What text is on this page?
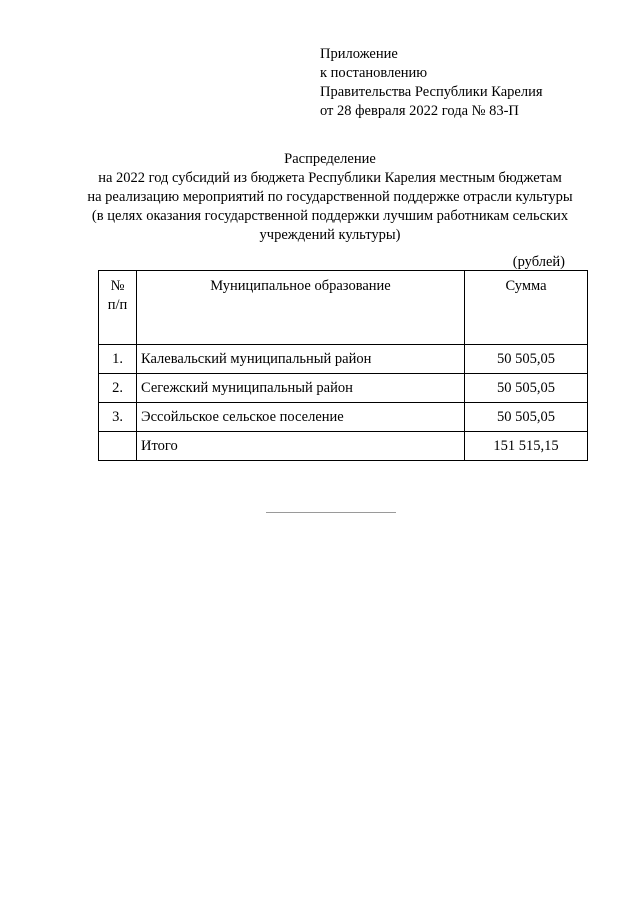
Приложение
к постановлению
Правительства Республики Карелия
от 28 февраля 2022 года № 83-П
Распределение
на 2022 год субсидий из бюджета Республики Карелия местным бюджетам
на реализацию мероприятий по государственной поддержке отрасли культуры
(в целях оказания государственной поддержки лучшим работникам сельских
учреждений культуры)
(рублей)
№
п/п	Муниципальное образование	Сумма
1.	Калевальский муниципальный район	50 505,05
2.	Сегежский муниципальный район	50 505,05
3.	Эссойльское сельское поселение	50 505,05
	Итого	151 515,15
